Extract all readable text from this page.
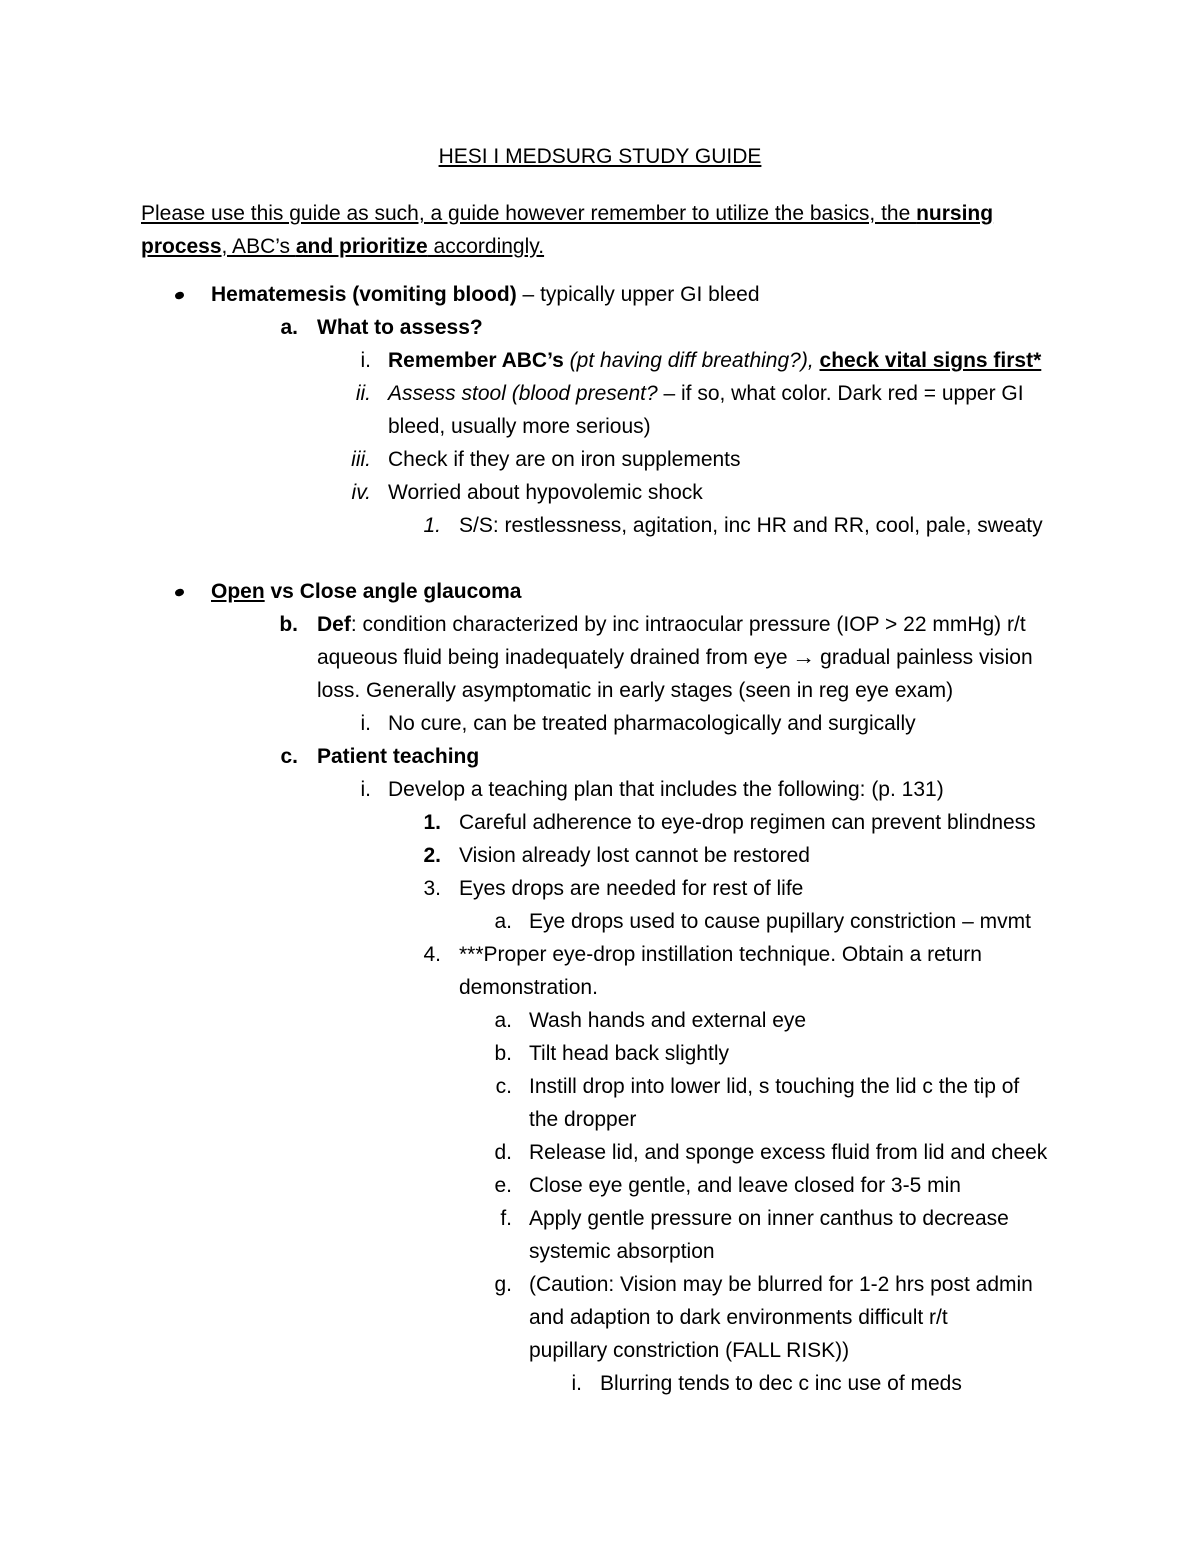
HESI I MEDSURG STUDY GUIDE
Please use this guide as such, a guide however remember to utilize the basics, the nursing process, ABC’s and prioritize accordingly.
Hematemesis (vomiting blood) – typically upper GI bleed
a. What to assess?
i. Remember ABC’s (pt having diff breathing?), check vital signs first*
ii. Assess stool (blood present? – if so, what color. Dark red = upper GI
bleed, usually more serious)
iii. Check if they are on iron supplements
iv. Worried about hypovolemic shock
1. S/S: restlessness, agitation, inc HR and RR, cool, pale, sweaty
Open vs Close angle glaucoma
b. Def: condition characterized by inc intraocular pressure (IOP > 22 mmHg) r/t
aqueous fluid being inadequately drained from eye → gradual painless vision
loss. Generally asymptomatic in early stages (seen in reg eye exam)
i. No cure, can be treated pharmacologically and surgically
c. Patient teaching
i. Develop a teaching plan that includes the following: (p. 131)
1. Careful adherence to eye-drop regimen can prevent blindness
2. Vision already lost cannot be restored
3. Eyes drops are needed for rest of life
a. Eye drops used to cause pupillary constriction – mvmt
4. ***Proper eye-drop instillation technique. Obtain a return
demonstration.
a. Wash hands and external eye
b. Tilt head back slightly
c. Instill drop into lower lid, s touching the lid c the tip of
the dropper
d. Release lid, and sponge excess fluid from lid and cheek
e. Close eye gentle, and leave closed for 3-5 min
f. Apply gentle pressure on inner canthus to decrease
systemic absorption
g. (Caution: Vision may be blurred for 1-2 hrs post admin
and adaption to dark environments difficult r/t
pupillary constriction (FALL RISK))
i. Blurring tends to dec c inc use of meds
